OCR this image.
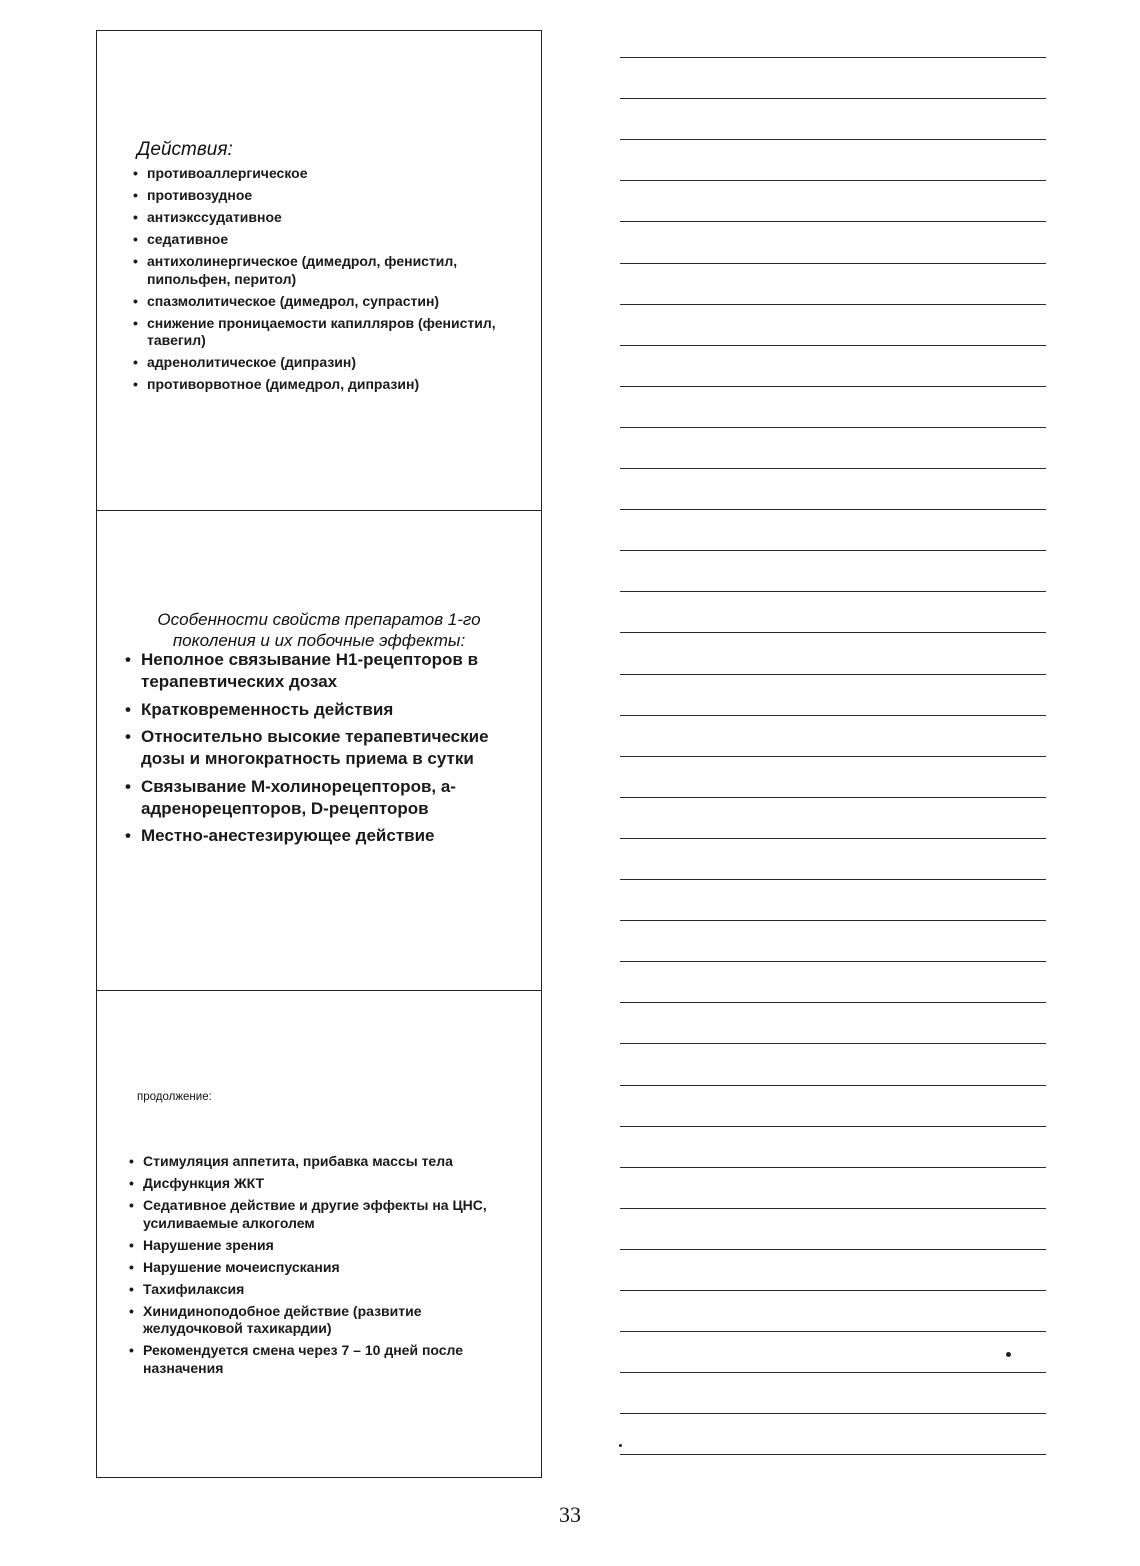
Действия:
• противоаллергическое
• противозудное
• антиэкссудативное
• седативное
• антихолинергическое (димедрол, фенистил, пипольфен, перитол)
• спазмолитическое (димедрол, супрастин)
• снижение проницаемости капилляров (фенистил, тавегил)
• адренолитическое (дипразин)
• противорвотное (димедрол, дипразин)
Особенности свойств препаратов 1-го поколения и их побочные эффекты:
• Неполное связывание H1-рецепторов в терапевтических дозах
• Кратковременность действия
• Относительно высокие терапевтические дозы и многократность приема в сутки
• Связывание М-холинорецепторов, а-адренорецепторов, D-рецепторов
• Местно-анестезирующее действие
продолжение:
• Стимуляция аппетита, прибавка массы тела
• Дисфункция ЖКТ
• Седативное действие и другие эффекты на ЦНС, усиливаемые алкоголем
• Нарушение зрения
• Нарушение мочеиспускания
• Тахифилаксия
• Хинидиноподобное действие (развитие желудочковой тахикардии)
• Рекомендуется смена через 7 – 10 дней после назначения
33
